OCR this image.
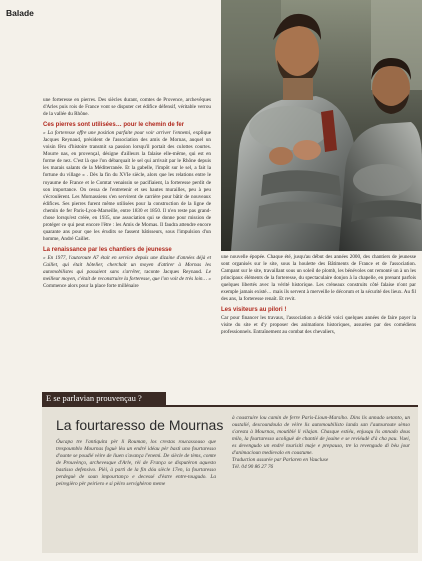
Balade

une forteresse en pierres. Des siècles durant, comtes de Provence, archevêques d'Arles puis rois de France vont se disputer cet édifice défensif, véritable verrou de la vallée du Rhône.

Ces pierres sont utilisées… pour le chemin de fer

« La forteresse offre une position parfaite pour voir arriver l'ennemi, explique Jacques Reynaud, président de l'association des amis de Mornas, auquel un voisin fêru d'histoire transmit sa passion lorsqu'il portait des culottes courtes. Mourre nas, en provençal, désigne d'ailleurs la falaise elle-même, qui est en forme de nez. C'est là que l'on débarquait le sel qui arrivait par le Rhône depuis les marais salants de la Méditerranée. Et la gabelle, l'impôt sur le sel, a fait la fortune du village » . Dès la fin du XVIe siècle, alors que les relations entre le royaume de France et le Comtat venaissin se pacifiaient, la forteresse perdit de son importance. On cessa de l'entretenir et ses hautes murailles, peu à peu s'écroulèrent. Les Mornassiens s'en servirent de carrière pour bâtir de nouveaux édifices. Ses pierres furent même utilisées pour la construction de la ligne de chemin de fer Paris-Lyon-Marseille, entre 1830 et 1850. Il n'en reste pas grand-chose lorsqu'est créée, en 1935, une association qui se donne pour mission de protéger ce qui peut encore l'être : les Amis de Mornas. Il faudra attendre encore quarante ans pour que les érudits se fassent bâtisseurs, sous l'impulsion d'un homme, André Caillet.

La renaissance par les chantiers de jeunesse

« En 1977, l'autoroute A7 était en service depuis une dizaine d'années déjà et Caillet, qui était hôtelier, cherchait un moyen d'attirer à Mornas les automobilistes qui passaient sans s'arrêter, raconte Jacques Reynaud. Le meilleur moyen, c'était de reconstruire la forteresse, que l'on voit de très loin… » Commence alors pour la place forte millénaire

une nouvelle épopée. Chaque été, jusqu'au début des années 2000, des chantiers de jeunesse sont organisés sur le site, sous la houlette des Bâtiments de France et de l'association. Campant sur le site, travaillant sous un soleil de plomb, les bénévoles ont remonté un à un les principaux éléments de la forteresse, du spectaculaire donjon à la chapelle, en prenant parfois quelques libertés avec la vérité historique. Les créneaux construits côté falaise n'ont par exemple jamais existé… mais ils servent à merveille le décorum et la sécurité des lieux. Au fil des ans, la forteresse renaît. Et revit.

Les visiteurs au pilori !

Car pour financer les travaux, l'association a décidé voici quelques années de faire payer la visite du site et d'y proposer des animations historiques, assurées par des comédiens professionnels. Entraînement au combat des chevaliers,

E se parlavian prouvençau ?
La fourtaresso de Mournas

Óucapa tre l'antiquita pèr li Rouman, los crestas roucassouso que trespoumblo Mournas foguè lèu un endré idéau pèr bastì uno fourtaresso d'ounte se poudié vèire de liuen s'avança l'enemi. De siècle de tèms, comte de Prouvènço, archevesque d'Arle, rèi de França se disputèron aquesto bastisso defensivo. Pièi, à partì de la fin dóu siècle 17en, la fourtaresso perdeguè de soun impourtanço e decessé d'èstre entre-tougudo. La peiregièro pèr peiriero e si pèiro servighèron meme

à coustruire lou camin de ferre Paris-Lioun-Marsiho. Dins lis annado setanto, un oustalié, descoundoula de vèire lis automoubilisto landa san l'autouroute sènso s'aresta à Mournas, moutiblé li vilajan. Chasque estiéu, enjusqu lis annado dous milo, la fourtaresso acoliguè de chantié de jouine e se reviéudè d'à cha pau. Vuei, es devengudo un endré tourisiti maje e prepauso, tre la revengudo di bèu jour d'animacioun medievalo en coustume.

Traduction assurée par Parlaren en Vaucluse

Tél. 04 90 86 27 76
